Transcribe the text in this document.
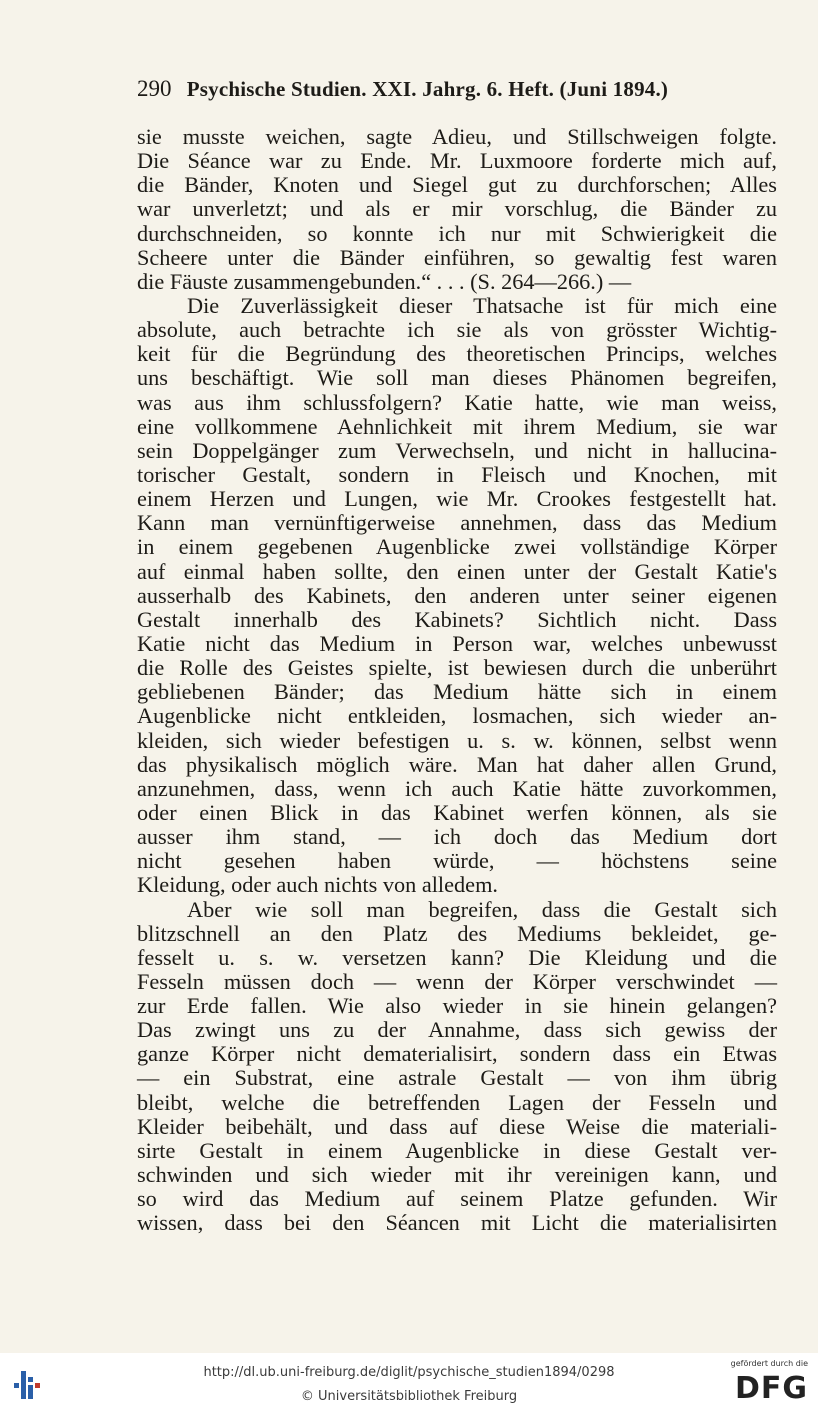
290 Psychische Studien. XXI. Jahrg. 6. Heft. (Juni 1894.)
sie musste weichen, sagte Adieu, und Stillschweigen folgte.
Die Séance war zu Ende. Mr. Luxmoore forderte mich auf,
die Bänder, Knoten und Siegel gut zu durchforschen; Alles
war unverletzt; und als er mir vorschlug, die Bänder zu
durchschneiden, so konnte ich nur mit Schwierigkeit die
Scheere unter die Bänder einführen, so gewaltig fest waren
die Fäuste zusammengebunden.“ . . . (S. 264—266.) —
Die Zuverlässigkeit dieser Thatsache ist für mich eine
absolute, auch betrachte ich sie als von grösster Wichtig-
keit für die Begründung des theoretischen Princips, welches
uns beschäftigt. Wie soll man dieses Phänomen begreifen,
was aus ihm schlussfolgern? Katie hatte, wie man weiss,
eine vollkommene Aehnlichkeit mit ihrem Medium, sie war
sein Doppelgänger zum Verwechseln, und nicht in hallucina-
torischer Gestalt, sondern in Fleisch und Knochen, mit
einem Herzen und Lungen, wie Mr. Crookes festgestellt hat.
Kann man vernünftigerweise annehmen, dass das Medium
in einem gegebenen Augenblicke zwei vollständige Körper
auf einmal haben sollte, den einen unter der Gestalt Katie's
ausserhalb des Kabinets, den anderen unter seiner eigenen
Gestalt innerhalb des Kabinets? Sichtlich nicht. Dass
Katie nicht das Medium in Person war, welches unbewusst
die Rolle des Geistes spielte, ist bewiesen durch die unberührt
gebliebenen Bänder; das Medium hätte sich in einem
Augenblicke nicht entkleiden, losmachen, sich wieder an-
kleiden, sich wieder befestigen u. s. w. können, selbst wenn
das physikalisch möglich wäre. Man hat daher allen Grund,
anzunehmen, dass, wenn ich auch Katie hätte zuvorkommen,
oder einen Blick in das Kabinet werfen können, als sie
ausser ihm stand, — ich doch das Medium dort
nicht gesehen haben würde, — höchstens seine
Kleidung, oder auch nichts von alledem.
Aber wie soll man begreifen, dass die Gestalt sich
blitzschnell an den Platz des Mediums bekleidet, ge-
fesselt u. s. w. versetzen kann? Die Kleidung und die
Fesseln müssen doch — wenn der Körper verschwindet —
zur Erde fallen. Wie also wieder in sie hinein gelangen?
Das zwingt uns zu der Annahme, dass sich gewiss der
ganze Körper nicht dematerialisirt, sondern dass ein Etwas
— ein Substrat, eine astrale Gestalt — von ihm übrig
bleibt, welche die betreffenden Lagen der Fesseln und
Kleider beibehält, und dass auf diese Weise die materiali-
sirte Gestalt in einem Augenblicke in diese Gestalt ver-
schwinden und sich wieder mit ihr vereinigen kann, und
so wird das Medium auf seinem Platze gefunden. Wir
wissen, dass bei den Séancen mit Licht die materialisirten
http://dl.ub.uni-freiburg.de/diglit/psychische_studien1894/0298
© Universitätsbibliothek Freiburg
gefördert durch die
DFG
